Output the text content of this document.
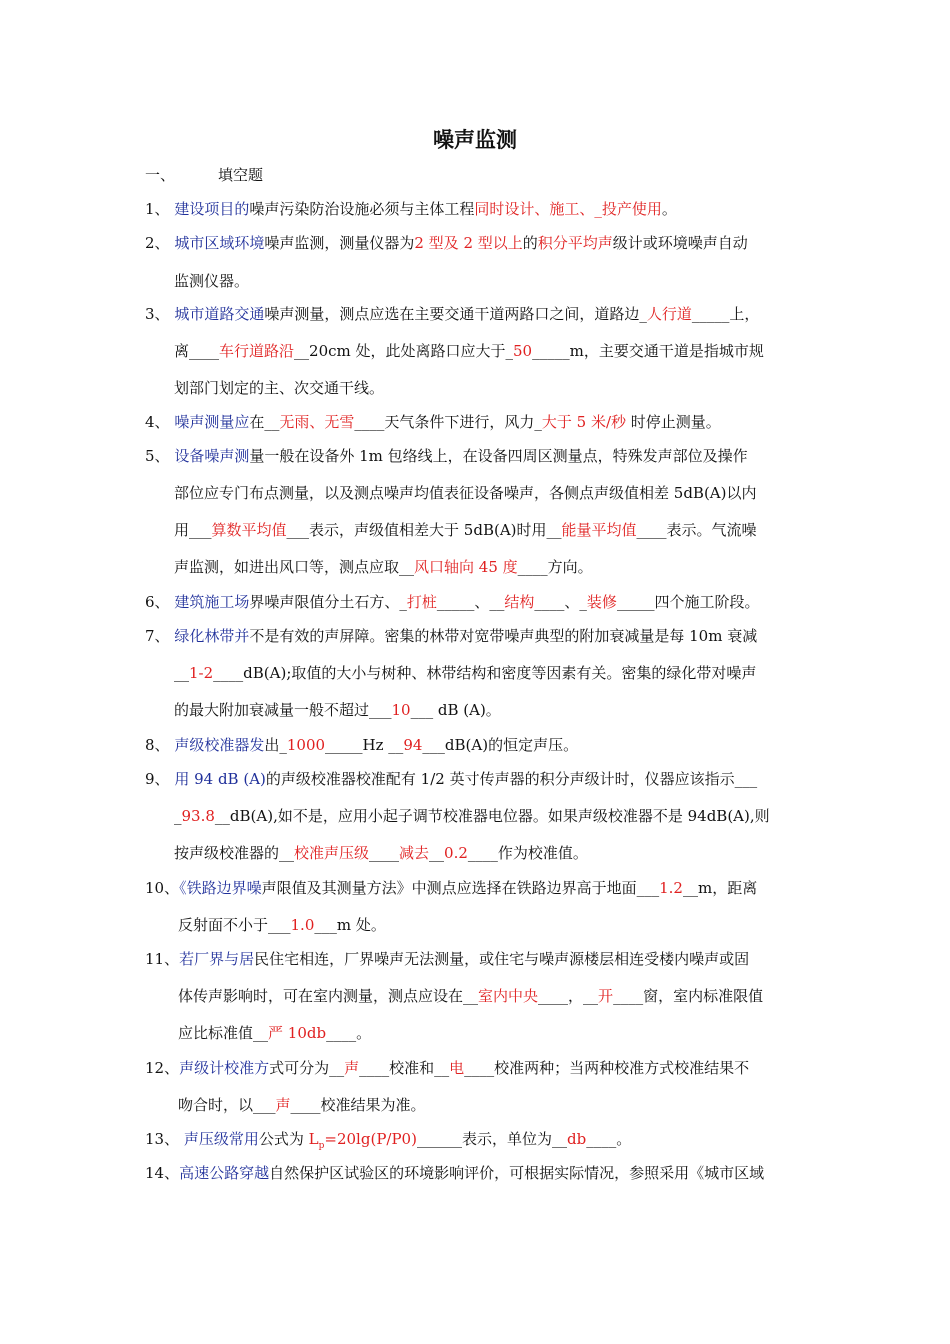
噪声监测
一、	填空题
1、 建设项目的噪声污染防治设施必须与主体工程同时设计、施工、_投产使用。
2、 城市区域环境噪声监测，测量仪器为2 型及 2 型以上的积分平均声级计或环境噪声自动
监测仪器。
3、 城市道路交通噪声测量，测点应选在主要交通干道两路口之间，道路边_人行道_____上，
离____车行道路沿__20cm 处，此处离路口应大于_50_____m，主要交通干道是指城市规
划部门划定的主、次交通干线。
4、 噪声测量应在__无雨、无雪____天气条件下进行，风力_大于 5 米/秒 时停止测量。
5、 设备噪声测量一般在设备外 1m 包络线上，在设备四周区测量点，特殊发声部位及操作
部位应专门布点测量，以及测点噪声均值表征设备噪声，各侧点声级值相差 5dB(A)以内
用___算数平均值___表示，声级值相差大于 5dB(A)时用__能量平均值____表示。气流噪
声监测，如进出风口等，测点应取__风口轴向 45 度____方向。
6、 建筑施工场界噪声限值分土石方、_打桩_____、__结构____、_装修_____四个施工阶段。
7、 绿化林带并不是有效的声屏障。密集的林带对宽带噪声典型的附加衰减量是每 10m 衰减
__1-2____dB(A);取值的大小与树种、林带结构和密度等因素有关。密集的绿化带对噪声
的最大附加衰减量一般不超过___10___ dB (A)。
8、 声级校准器发出_1000_____Hz __94___dB(A)的恒定声压。
9、 用 94 dB (A)的声级校准器校准配有 1/2 英寸传声器的积分声级计时，仪器应该指示___
_93.8__dB(A),如不是，应用小起子调节校准器电位器。如果声级校准器不是 94dB(A),则
按声级校准器的__校准声压级____减去__0.2____作为校准值。
10、《铁路边界噪声限值及其测量方法》中测点应选择在铁路边界高于地面___1.2__m，距离
反射面不小于___1.0___m 处。
11、若厂界与居民住宅相连，厂界噪声无法测量，或住宅与噪声源楼层相连受楼内噪声或固
体传声影响时，可在室内测量，测点应设在__室内中央____，__开____窗，室内标准限值
应比标准值__严 10db____。
12、声级计校准方式可分为__声____校准和__电____校准两种；当两种校准方式校准结果不
吻合时，以___声____校准结果为准。
13、 声压级常用公式为 $L_p=20\lg(P/P0)\_\_\_\_\_\_$表示，单位为__db____。
14、高速公路穿越自然保护区试验区的环境影响评价，可根据实际情况，参照采用《城市区域
